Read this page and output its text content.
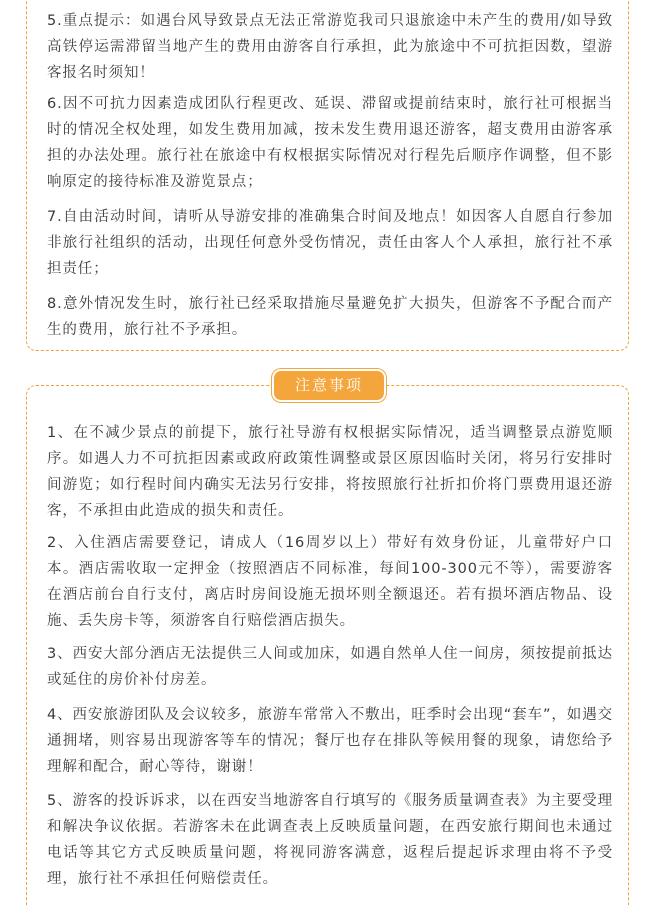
5.重点提示：如遇台风导致景点无法正常游览我司只退旅途中未产生的费用/如导致高铁停运需滞留当地产生的费用由游客自行承担，此为旅途中不可抗拒因数，望游客报名时须知！

6.因不可抗力因素造成团队行程更改、延误、滞留或提前结束时，旅行社可根据当时的情况全权处理，如发生费用加减，按未发生费用退还游客，超支费用由游客承担的办法处理。旅行社在旅途中有权根据实际情况对行程先后顺序作调整，但不影响原定的接待标准及游览景点；

7.自由活动时间，请听从导游安排的准确集合时间及地点！如因客人自愿自行参加非旅行社组织的活动，出现任何意外受伤情况，责任由客人个人承担，旅行社不承担责任；

8.意外情况发生时，旅行社已经采取措施尽量避免扩大损失，但游客不予配合而产生的费用，旅行社不予承担。

1、在不减少景点的前提下，旅行社导游有权根据实际情况，适当调整景点游览顺序。如遇人力不可抗拒因素或政府政策性调整或景区原因临时关闭，将另行安排时间游览；如行程时间内确实无法另行安排，将按照旅行社折扣价将门票费用退还游客，不承担由此造成的损失和责任。

2、入住酒店需要登记，请成人（16周岁以上）带好有效身份证，儿童带好户口本。酒店需收取一定押金（按照酒店不同标准，每间100-300元不等），需要游客在酒店前台自行支付，离店时房间设施无损坏则全额退还。若有损坏酒店物品、设施、丢失房卡等，须游客自行赔偿酒店损失。

3、西安大部分酒店无法提供三人间或加床，如遇自然单人住一间房，须按提前抵达或延住的房价补付房差。

4、西安旅游团队及会议较多，旅游车常常入不敷出，旺季时会出现“套车”，如遇交通拥堵，则容易出现游客等车的情况；餐厅也存在排队等候用餐的现象，请您给予理解和配合，耐心等待，谢谢！

5、游客的投诉诉求，以在西安当地游客自行填写的《服务质量调查表》为主要受理和解决争议依据。若游客未在此调查表上反映质量问题，在西安旅行期间也未通过电话等其它方式反映质量问题，将视同游客满意，返程后提起诉求理由将不予受理，旅行社不承担任何赔偿责任。

注意事项
